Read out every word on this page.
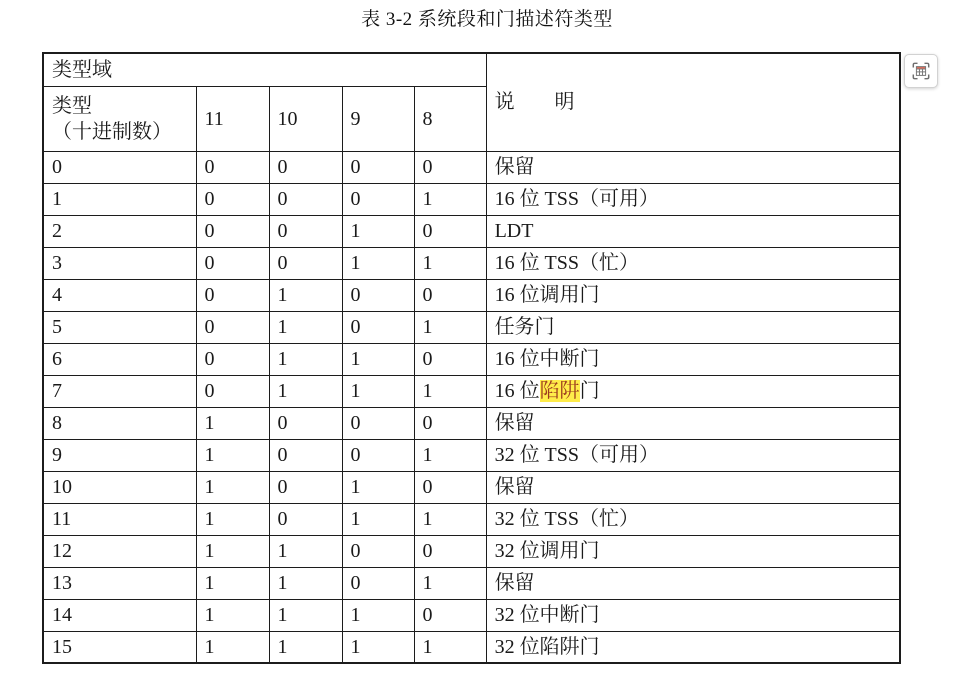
表 3-2 系统段和门描述符类型
类型域					说　　明

类型
（十进制数）	11	10	9	8	
0	0	0	0	0	保留
1	0	0	0	1	16 位 TSS（可用）
2	0	0	1	0	LDT
3	0	0	1	1	16 位 TSS（忙）
4	0	1	0	0	16 位调用门
5	0	1	0	1	任务门
6	0	1	1	0	16 位中断门
7	0	1	1	1	16 位陷阱门
8	1	0	0	0	保留
9	1	0	0	1	32 位 TSS（可用）
10	1	0	1	0	保留
11	1	0	1	1	32 位 TSS（忙）
12	1	1	0	0	32 位调用门
13	1	1	0	1	保留
14	1	1	1	0	32 位中断门
15	1	1	1	1	32 位陷阱门
